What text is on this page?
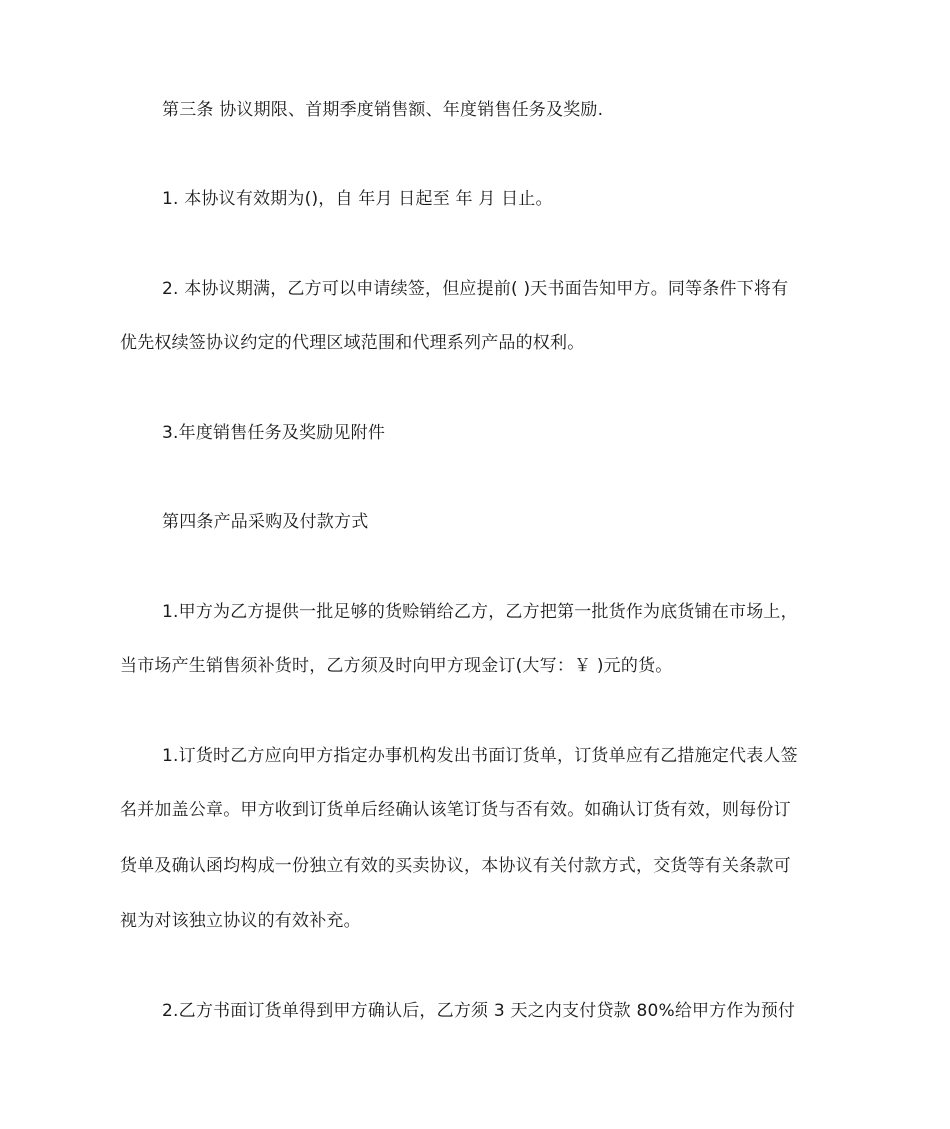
第三条 协议期限、首期季度销售额、年度销售任务及奖励.
1. 本协议有效期为()，自 年月 日起至 年 月 日止。
2. 本协议期满，乙方可以申请续签，但应提前( )天书面告知甲方。同等条件下将有
优先权续签协议约定的代理区域范围和代理系列产品的权利。
3.年度销售任务及奖励见附件
第四条产品采购及付款方式
1.甲方为乙方提供一批足够的货赊销给乙方，乙方把第一批货作为底货铺在市场上，
当市场产生销售须补货时，乙方须及时向甲方现金订(大写：￥ )元的货。
1.订货时乙方应向甲方指定办事机构发出书面订货单，订货单应有乙措施定代表人签
名并加盖公章。甲方收到订货单后经确认该笔订货与否有效。如确认订货有效，则每份订
货单及确认函均构成一份独立有效的买卖协议，本协议有关付款方式，交货等有关条款可
视为对该独立协议的有效补充。
2.乙方书面订货单得到甲方确认后，乙方须 3 天之内支付贷款 80%给甲方作为预付
